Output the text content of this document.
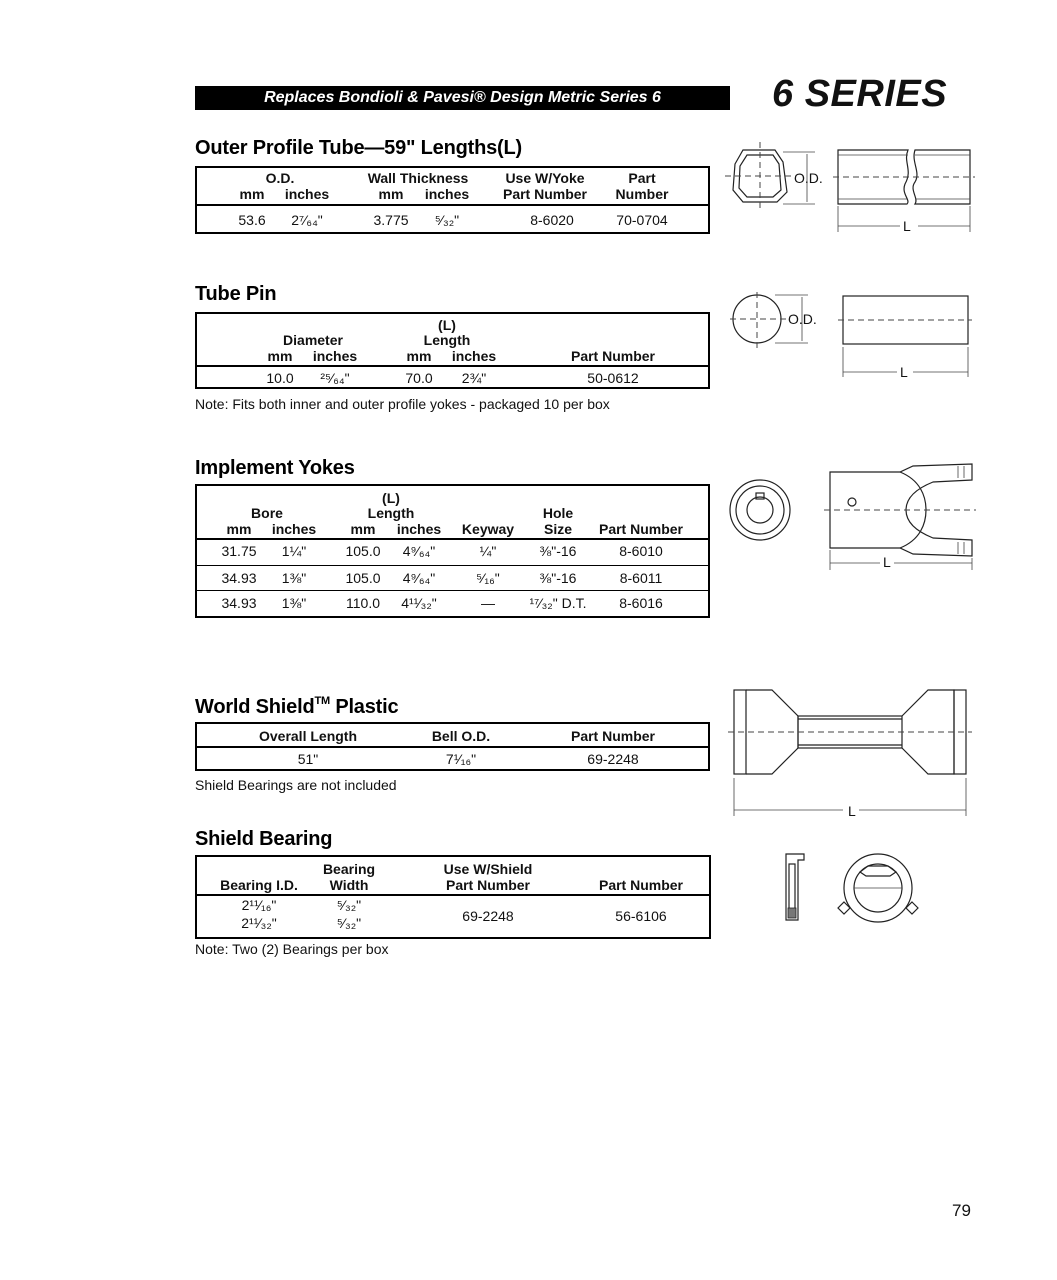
Replaces Bondioli & Pavesi® Design Metric Series 6	6 SERIES
Outer Profile Tube—59" Lengths(L)
O.D.	Wall Thickness	Use W/Yoke	Part
mm inches	mm inches Part Number Number
53.6 2⁷⁄₆₄"	3.775 ⁵⁄₃₂"	8-6020	70-0704
O.D.
L
Tube Pin
(L)
Diameter	Length
mm inches	mm inches	Part Number
10.0 ²⁵⁄₆₄"	70.0 2¾"	50-0612
Note: Fits both inner and outer profile yokes - packaged 10 per box
O.D.
L
Implement Yokes
(L)
Bore	Length	Hole
mm inches mm inches Keyway Size Part Number
31.75 1¼"	105.0 4⁹⁄₆₄"	¼"	⅜"-16	8-6010
34.93 1⅜"	105.0 4⁹⁄₆₄"	⁵⁄₁₆"	⅜"-16	8-6011
34.93 1⅜"	110.0 4¹¹⁄₃₂"	— ¹⁷⁄₃₂" D.T. 8-6016
L
World Shield™ Plastic
Overall Length	Bell O.D.	Part Number
51"	7¹⁄₁₆"	69-2248
Shield Bearings are not included
L
Shield Bearing
Bearing	Use W/Shield
Bearing I.D. Width	Part Number	Part Number
2¹¹⁄₁₆"	⁵⁄₃₂"
2¹¹⁄₃₂"	⁵⁄₃₂"	69-2248	56-6106
Note: Two (2) Bearings per box
79
